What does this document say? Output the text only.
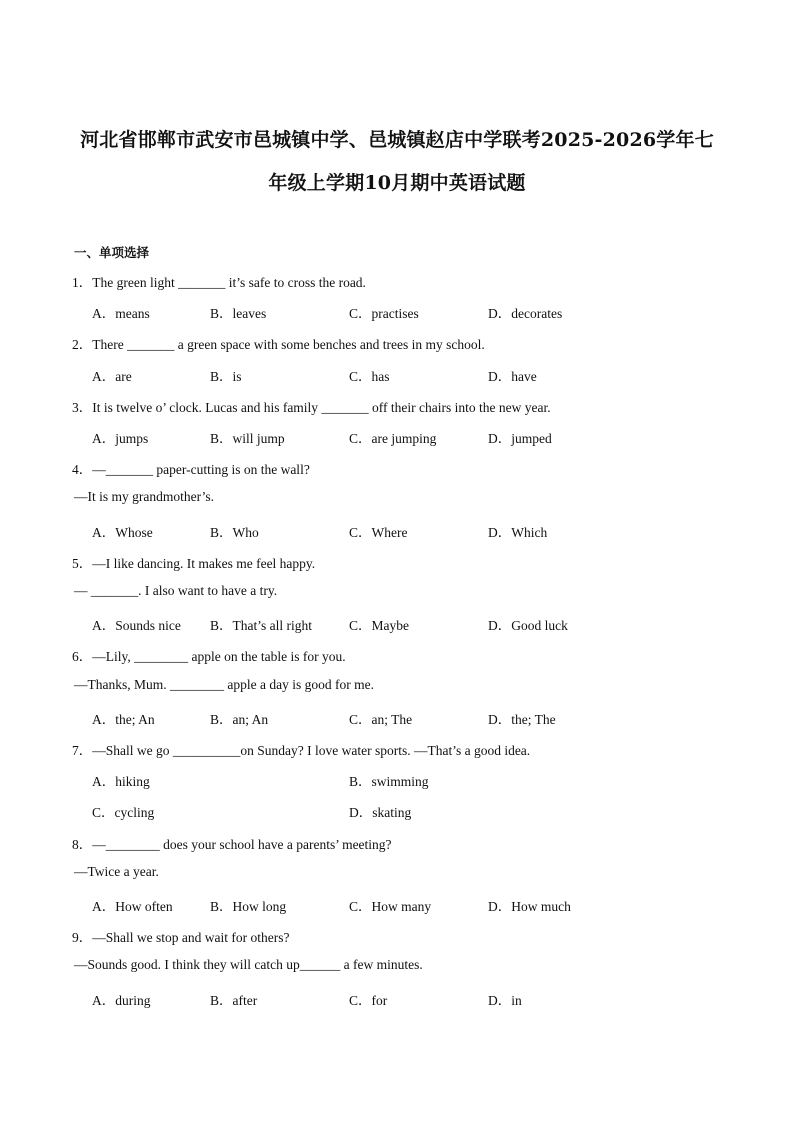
河北省邯郸市武安市邑城镇中学、邑城镇赵店中学联考2025-2026学年七
年级上学期10月期中英语试题
一、单项选择
1．The green light _______ it’s safe to cross the road.
A．means	B．leaves	C．practises	D．decorates
2．There _______ a green space with some benches and trees in my school.
A．are	B．is	C．has	D．have
3．It is twelve o’ clock. Lucas and his family _______ off their chairs into the new year.
A．jumps	B．will jump	C．are jumping	D．jumped
4．—_______ paper-cutting is on the wall?
—It is my grandmother’s.
A．Whose	B．Who	C．Where	D．Which
5．—I like dancing. It makes me feel happy.
— _______. I also want to have a try.
A．Sounds nice B．That’s all right	C．Maybe	D．Good luck
6．—Lily, ________ apple on the table is for you.
—Thanks, Mum. ________ apple a day is good for me.
A．the; An	B．an; An	C．an; The	D．the; The
7．—Shall we go __________on Sunday? I love water sports. —That’s a good idea.
A．hiking	B．swimming
C．cycling	D．skating
8．—________ does your school have a parents’ meeting?
—Twice a year.
A．How often	B．How long	C．How many	D．How much
9．—Shall we stop and wait for others?
—Sounds good. I think they will catch up______ a few minutes.
A．during	B．after	C．for	D．in
